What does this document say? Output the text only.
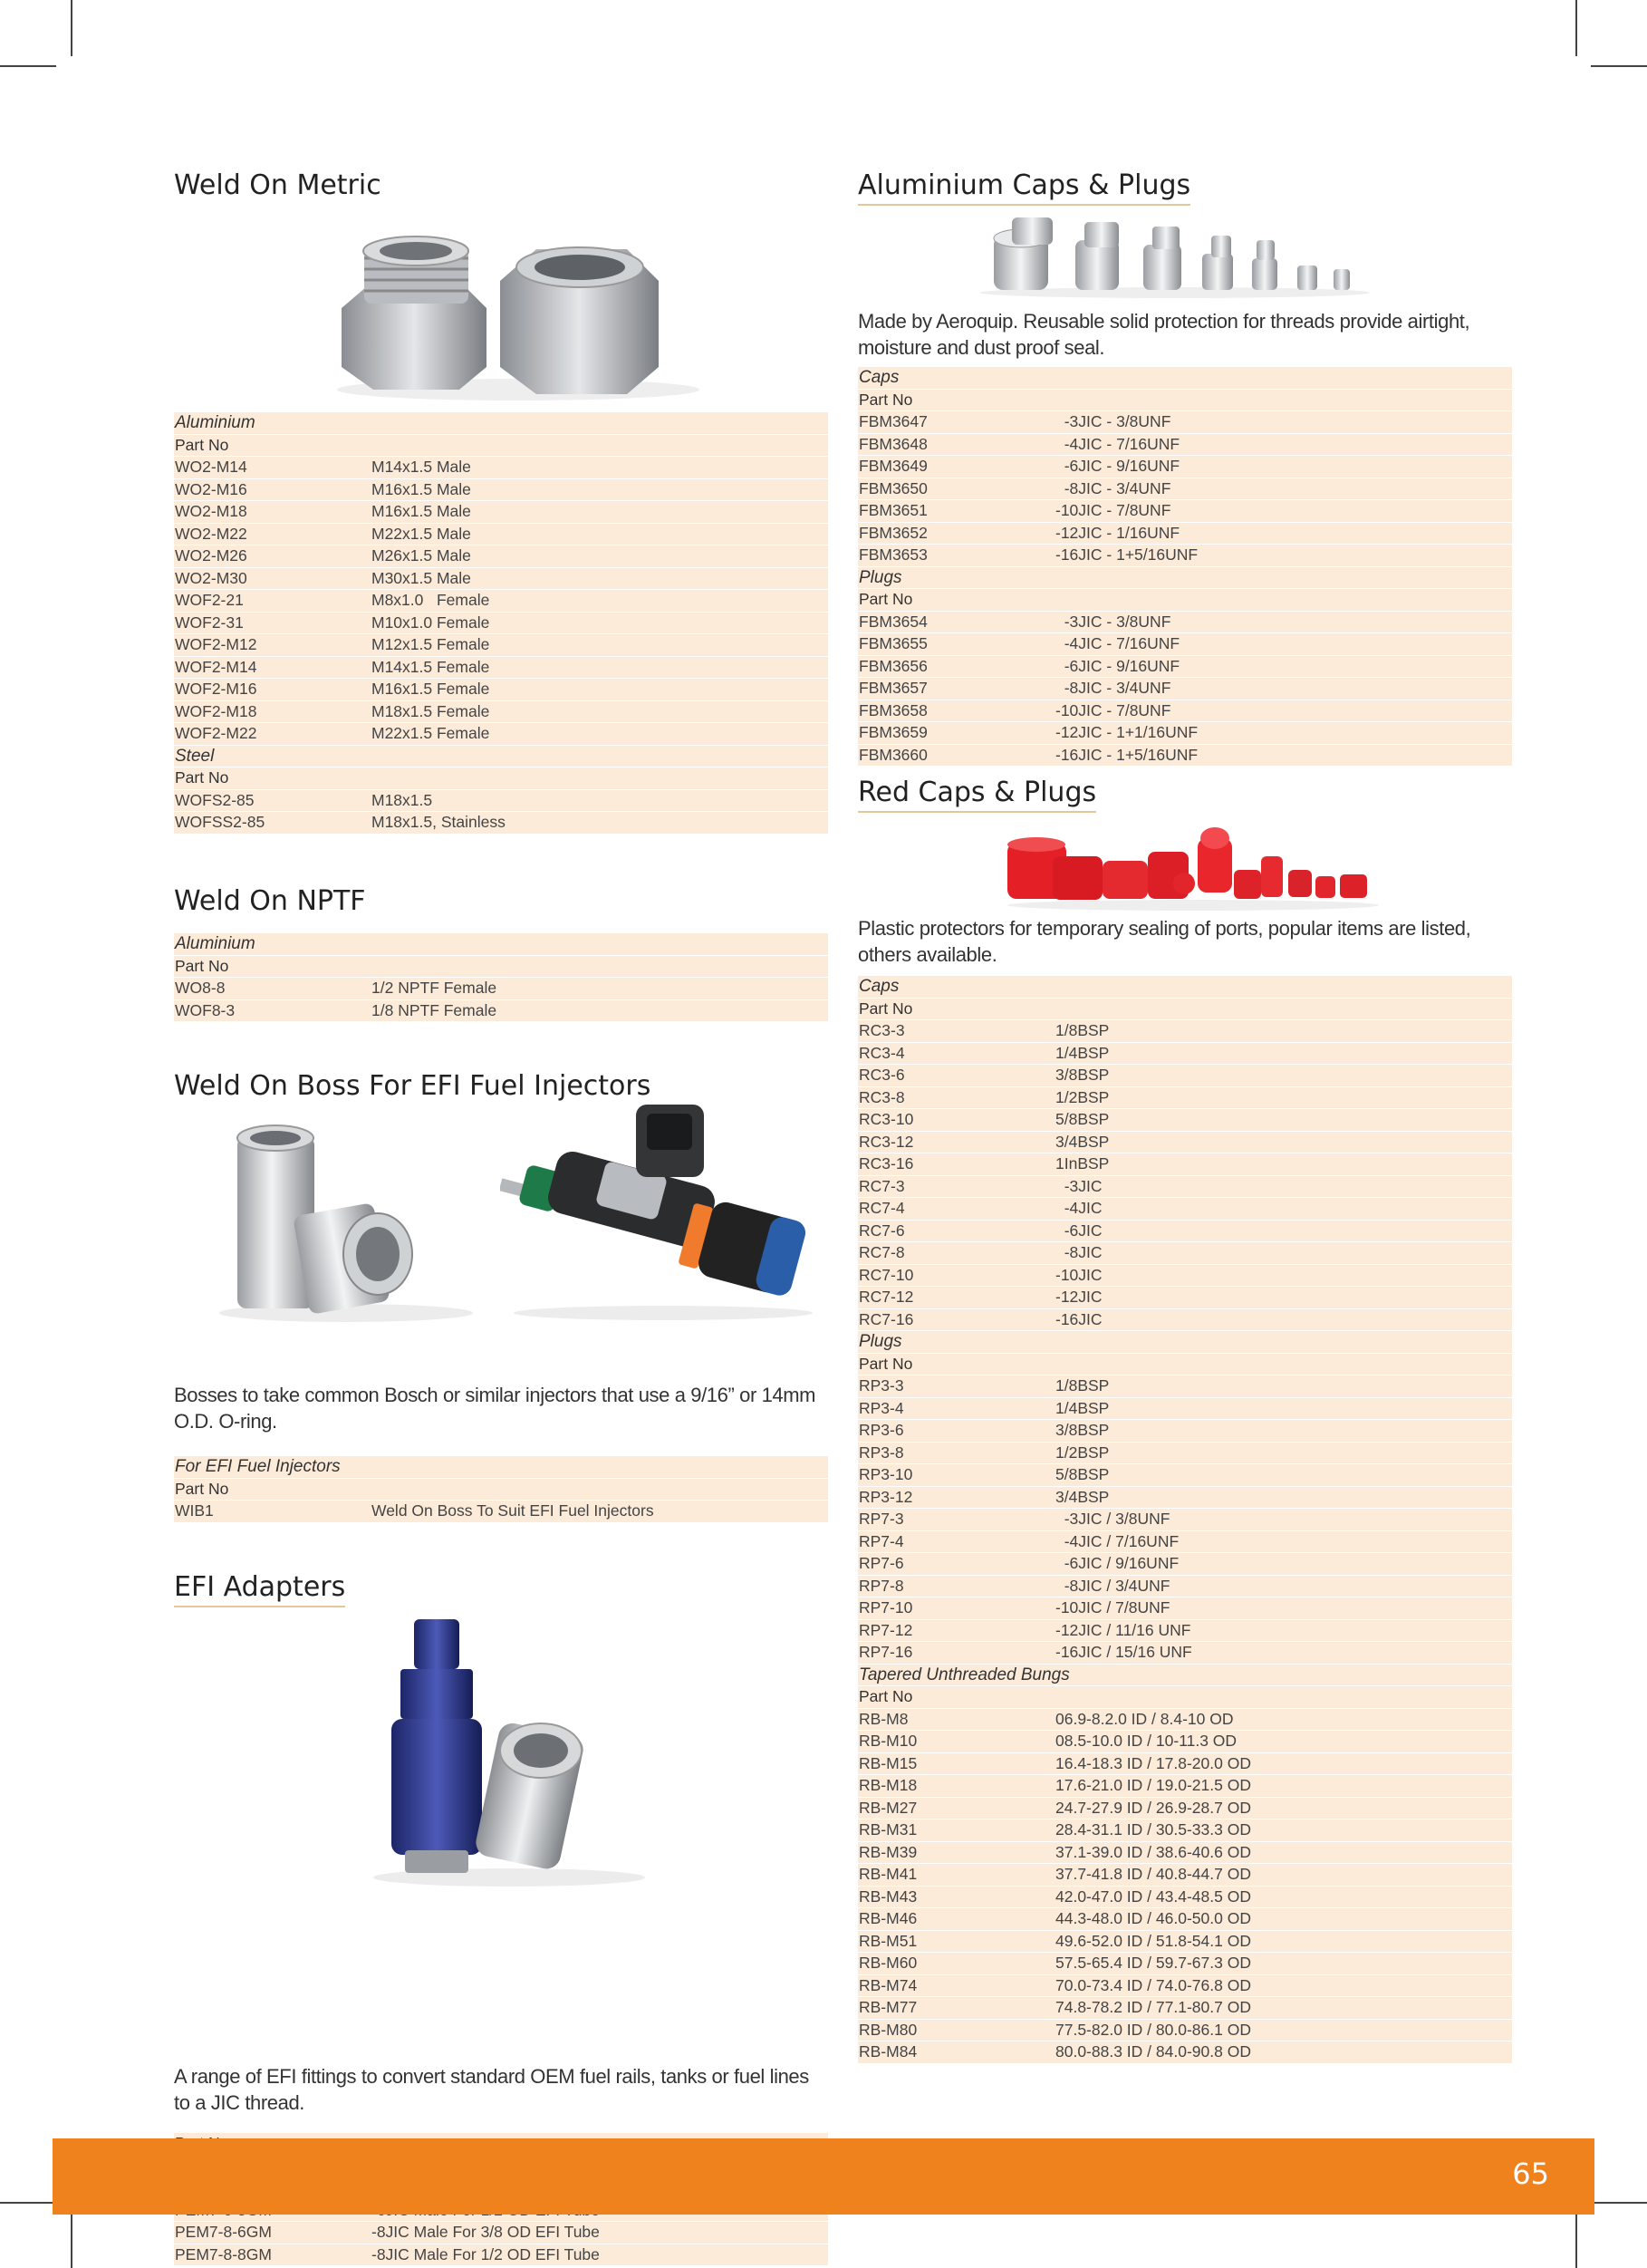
Weld On Metric
Aluminium
Part No
WO2-M14	M14x1.5 Male
WO2-M16	M16x1.5 Male
WO2-M18	M16x1.5 Male
WO2-M22	M22x1.5 Male
WO2-M26	M26x1.5 Male
WO2-M30	M30x1.5 Male
WOF2-21	M8x1.0   Female
WOF2-31	M10x1.0 Female
WOF2-M12	M12x1.5 Female
WOF2-M14	M14x1.5 Female
WOF2-M16	M16x1.5 Female
WOF2-M18	M18x1.5 Female
WOF2-M22	M22x1.5 Female
Steel
Part No
WOFS2-85	M18x1.5
WOFSS2-85	M18x1.5, Stainless
Weld On NPTF
Aluminium
Part No
WO8-8	1/2 NPTF Female
WOF8-3	1/8 NPTF Female
Weld On Boss For EFI Fuel Injectors
Bosses to take common Bosch or similar injectors that use a 9/16” or 14mm O.D. O-ring.
For EFI Fuel Injectors
Part No
WIB1	Weld On Boss To Suit EFI Fuel Injectors
EFI Adapters
A range of EFI fittings to convert standard OEM fuel rails, tanks or fuel lines to a JIC thread.
PEM7-8-6GM	-8JIC Male For 3/8 OD EFI Tube
PEM7-8-8GM	-8JIC Male For 1/2 OD EFI Tube
Aluminium Caps & Plugs
Made by Aeroquip. Reusable solid protection for threads provide airtight, moisture and dust proof seal.
Caps
Part No
FBM3647	-3JIC - 3/8UNF
FBM3648	-4JIC - 7/16UNF
FBM3649	-6JIC - 9/16UNF
FBM3650	-8JIC - 3/4UNF
FBM3651	-10JIC - 7/8UNF
FBM3652	-12JIC - 1/16UNF
FBM3653	-16JIC - 1+5/16UNF
Plugs
Part No
FBM3654	-3JIC - 3/8UNF
FBM3655	-4JIC - 7/16UNF
FBM3656	-6JIC - 9/16UNF
FBM3657	-8JIC - 3/4UNF
FBM3658	-10JIC - 7/8UNF
FBM3659	-12JIC - 1+1/16UNF
FBM3660	-16JIC - 1+5/16UNF
Red Caps & Plugs
Plastic protectors for temporary sealing of ports, popular items are listed, others available.
Caps
Part No
RC3-3	1/8BSP
RC3-4	1/4BSP
RC3-6	3/8BSP
RC3-8	1/2BSP
RC3-10	5/8BSP
RC3-12	3/4BSP
RC3-16	1InBSP
RC7-3	-3JIC
RC7-4	-4JIC
RC7-6	-6JIC
RC7-8	-8JIC
RC7-10	-10JIC
RC7-12	-12JIC
RC7-16	-16JIC
Plugs
Part No
RP3-3	1/8BSP
RP3-4	1/4BSP
RP3-6	3/8BSP
RP3-8	1/2BSP
RP3-10	5/8BSP
RP3-12	3/4BSP
RP7-3	-3JIC / 3/8UNF
RP7-4	-4JIC / 7/16UNF
RP7-6	-6JIC / 9/16UNF
RP7-8	-8JIC / 3/4UNF
RP7-10	-10JIC / 7/8UNF
RP7-12	-12JIC / 11/16 UNF
RP7-16	-16JIC / 15/16 UNF
Tapered Unthreaded Bungs
Part No
RB-M8	06.9-8.2.0 ID / 8.4-10 OD
RB-M10	08.5-10.0 ID / 10-11.3 OD
RB-M15	16.4-18.3 ID / 17.8-20.0 OD
RB-M18	17.6-21.0 ID / 19.0-21.5 OD
RB-M27	24.7-27.9 ID / 26.9-28.7 OD
RB-M31	28.4-31.1 ID / 30.5-33.3 OD
RB-M39	37.1-39.0 ID / 38.6-40.6 OD
RB-M41	37.7-41.8 ID / 40.8-44.7 OD
RB-M43	42.0-47.0 ID / 43.4-48.5 OD
RB-M46	44.3-48.0 ID / 46.0-50.0 OD
RB-M51	49.6-52.0 ID / 51.8-54.1 OD
RB-M60	57.5-65.4 ID / 59.7-67.3 OD
RB-M74	70.0-73.4 ID / 74.0-76.8 OD
RB-M77	74.8-78.2 ID / 77.1-80.7 OD
RB-M80	77.5-82.0 ID / 80.0-86.1 OD
RB-M84	80.0-88.3 ID / 84.0-90.8 OD
65
